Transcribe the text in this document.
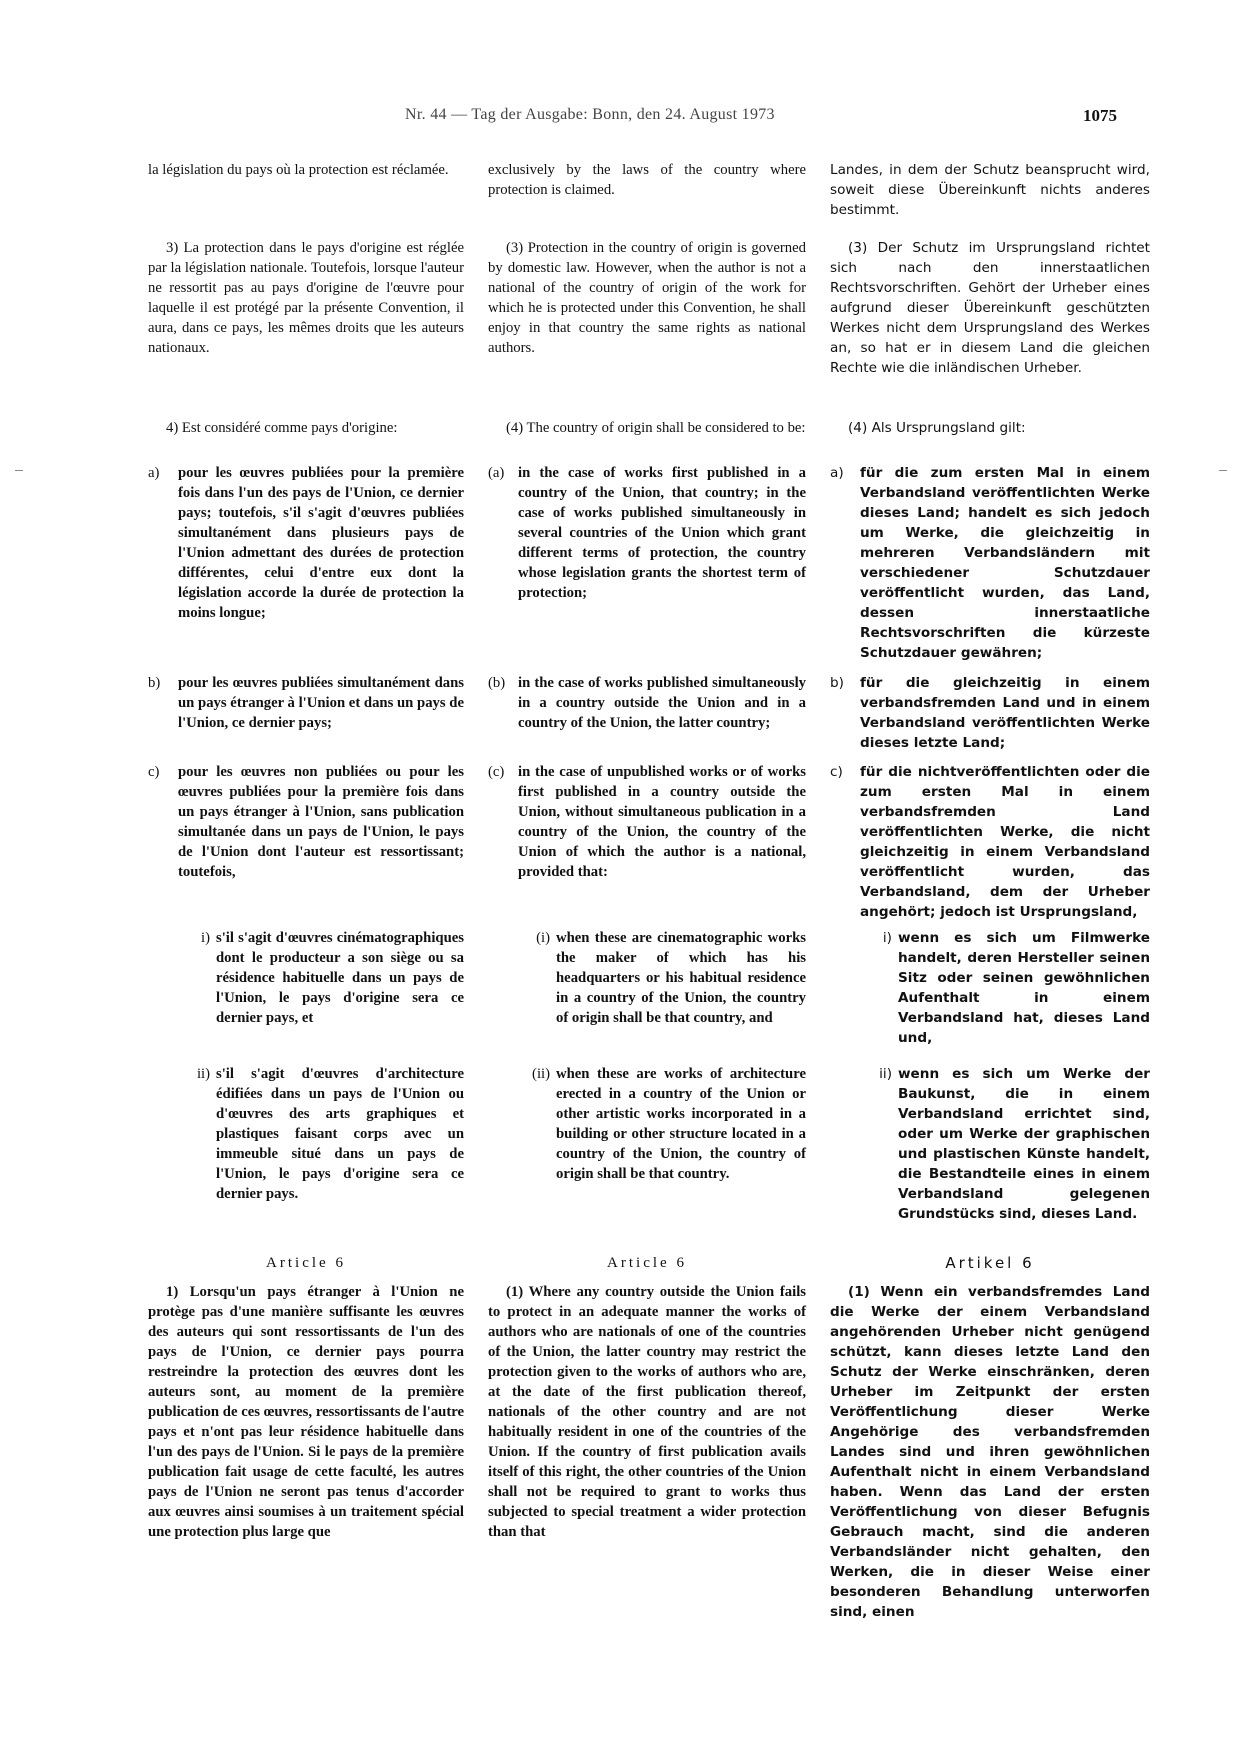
Nr. 44 — Tag der Ausgabe: Bonn, den 24. August 1973	1075

la législation du pays où la protection est réclamée.

3) La protection dans le pays d'origine est réglée par la législation nationale. Toutefois, lorsque l'auteur ne ressortit pas au pays d'origine de l'œuvre pour laquelle il est protégé par la présente Convention, il aura, dans ce pays, les mêmes droits que les auteurs nationaux.

4) Est considéré comme pays d'origine:

a)	pour les œuvres publiées pour la première fois dans l'un des pays de l'Union, ce dernier pays; toutefois, s'il s'agit d'œuvres publiées simultanément dans plusieurs pays de l'Union admettant des durées de protection différentes, celui d'entre eux dont la législation accorde la durée de protection la moins longue;
b)	pour les œuvres publiées simultanément dans un pays étranger à l'Union et dans un pays de l'Union, ce dernier pays;
c)	pour les œuvres non publiées ou pour les œuvres publiées pour la première fois dans un pays étranger à l'Union, sans publication simultanée dans un pays de l'Union, le pays de l'Union dont l'auteur est ressortissant; toutefois,
i) s'il s'agit d'œuvres cinématographiques dont le producteur a son siège ou sa résidence habituelle dans un pays de l'Union, le pays d'origine sera ce dernier pays, et
ii) s'il s'agit d'œuvres d'architecture édifiées dans un pays de l'Union ou d'œuvres des arts graphiques et plastiques faisant corps avec un immeuble situé dans un pays de l'Union, le pays d'origine sera ce dernier pays.

Article 6

1) Lorsqu'un pays étranger à l'Union ne protège pas d'une manière suffisante les œuvres des auteurs qui sont ressortissants de l'un des pays de l'Union, ce dernier pays pourra restreindre la protection des œuvres dont les auteurs sont, au moment de la première publication de ces œuvres, ressortissants de l'autre pays et n'ont pas leur résidence habituelle dans l'un des pays de l'Union. Si le pays de la première publication fait usage de cette faculté, les autres pays de l'Union ne seront pas tenus d'accorder aux œuvres ainsi soumises à un traitement spécial une protection plus large que

exclusively by the laws of the country where protection is claimed.

(3) Protection in the country of origin is governed by domestic law. However, when the author is not a national of the country of origin of the work for which he is protected under this Convention, he shall enjoy in that country the same rights as national authors.

(4) The country of origin shall be considered to be:

(a) in the case of works first published in a country of the Union, that country; in the case of works published simultaneously in several countries of the Union which grant different terms of protection, the country whose legislation grants the shortest term of protection;
(b) in the case of works published simultaneously in a country outside the Union and in a country of the Union, the latter country;
(c) in the case of unpublished works or of works first published in a country outside the Union, without simultaneous publication in a country of the Union, the country of the Union of which the author is a national, provided that:
(i) when these are cinematographic works the maker of which has his headquarters or his habitual residence in a country of the Union, the country of origin shall be that country, and
(ii) when these are works of architecture erected in a country of the Union or other artistic works incorporated in a building or other structure located in a country of the Union, the country of origin shall be that country.

Article 6

(1) Where any country outside the Union fails to protect in an adequate manner the works of authors who are nationals of one of the countries of the Union, the latter country may restrict the protection given to the works of authors who are, at the date of the first publication thereof, nationals of the other country and are not habitually resident in one of the countries of the Union. If the country of first publication avails itself of this right, the other countries of the Union shall not be required to grant to works thus subjected to special treatment a wider protection than that

Landes, in dem der Schutz beansprucht wird, soweit diese Übereinkunft nichts anderes bestimmt.

(3) Der Schutz im Ursprungsland richtet sich nach den innerstaatlichen Rechtsvorschriften. Gehört der Urheber eines aufgrund dieser Übereinkunft geschützten Werkes nicht dem Ursprungsland des Werkes an, so hat er in diesem Land die gleichen Rechte wie die inländischen Urheber.

(4) Als Ursprungsland gilt:

a)	für die zum ersten Mal in einem Verbandsland veröffentlichten Werke dieses Land; handelt es sich jedoch um Werke, die gleichzeitig in mehreren Verbandsländern mit verschiedener Schutzdauer veröffentlicht wurden, das Land, dessen innerstaatliche Rechtsvorschriften die kürzeste Schutzdauer gewähren;
b)	für die gleichzeitig in einem verbandsfremden Land und in einem Verbandsland veröffentlichten Werke dieses letzte Land;
c)	für die nichtveröffentlichten oder die zum ersten Mal in einem verbandsfremden Land veröffentlichten Werke, die nicht gleichzeitig in einem Verbandsland veröffentlicht wurden, das Verbandsland, dem der Urheber angehört; jedoch ist Ursprungsland,
i) wenn es sich um Filmwerke handelt, deren Hersteller seinen Sitz oder seinen gewöhnlichen Aufenthalt in einem Verbandsland hat, dieses Land und,
ii) wenn es sich um Werke der Baukunst, die in einem Verbandsland errichtet sind, oder um Werke der graphischen und plastischen Künste handelt, die Bestandteile eines in einem Verbandsland gelegenen Grundstücks sind, dieses Land.

Artikel 6

(1) Wenn ein verbandsfremdes Land die Werke der einem Verbandsland angehörenden Urheber nicht genügend schützt, kann dieses letzte Land den Schutz der Werke einschränken, deren Urheber im Zeitpunkt der ersten Veröffentlichung dieser Werke Angehörige des verbandsfremden Landes sind und ihren gewöhnlichen Aufenthalt nicht in einem Verbandsland haben. Wenn das Land der ersten Veröffentlichung von dieser Befugnis Gebrauch macht, sind die anderen Verbandsländer nicht gehalten, den Werken, die in dieser Weise einer besonderen Behandlung unterworfen sind, einen
